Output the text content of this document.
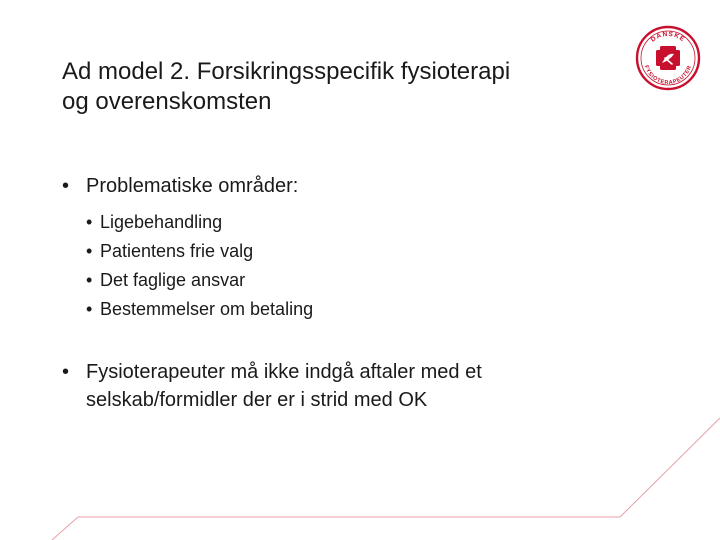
Ad model 2. Forsikringsspecifik fysioterapi
og overenskomsten
DANSKE
FYSIOTERAPEUTER
• Problematiske områder:
• Ligebehandling
• Patientens frie valg
• Det faglige ansvar
• Bestemmelser om betaling
• Fysioterapeuter må ikke indgå aftaler med et selskab/formidler der er i strid med OK
